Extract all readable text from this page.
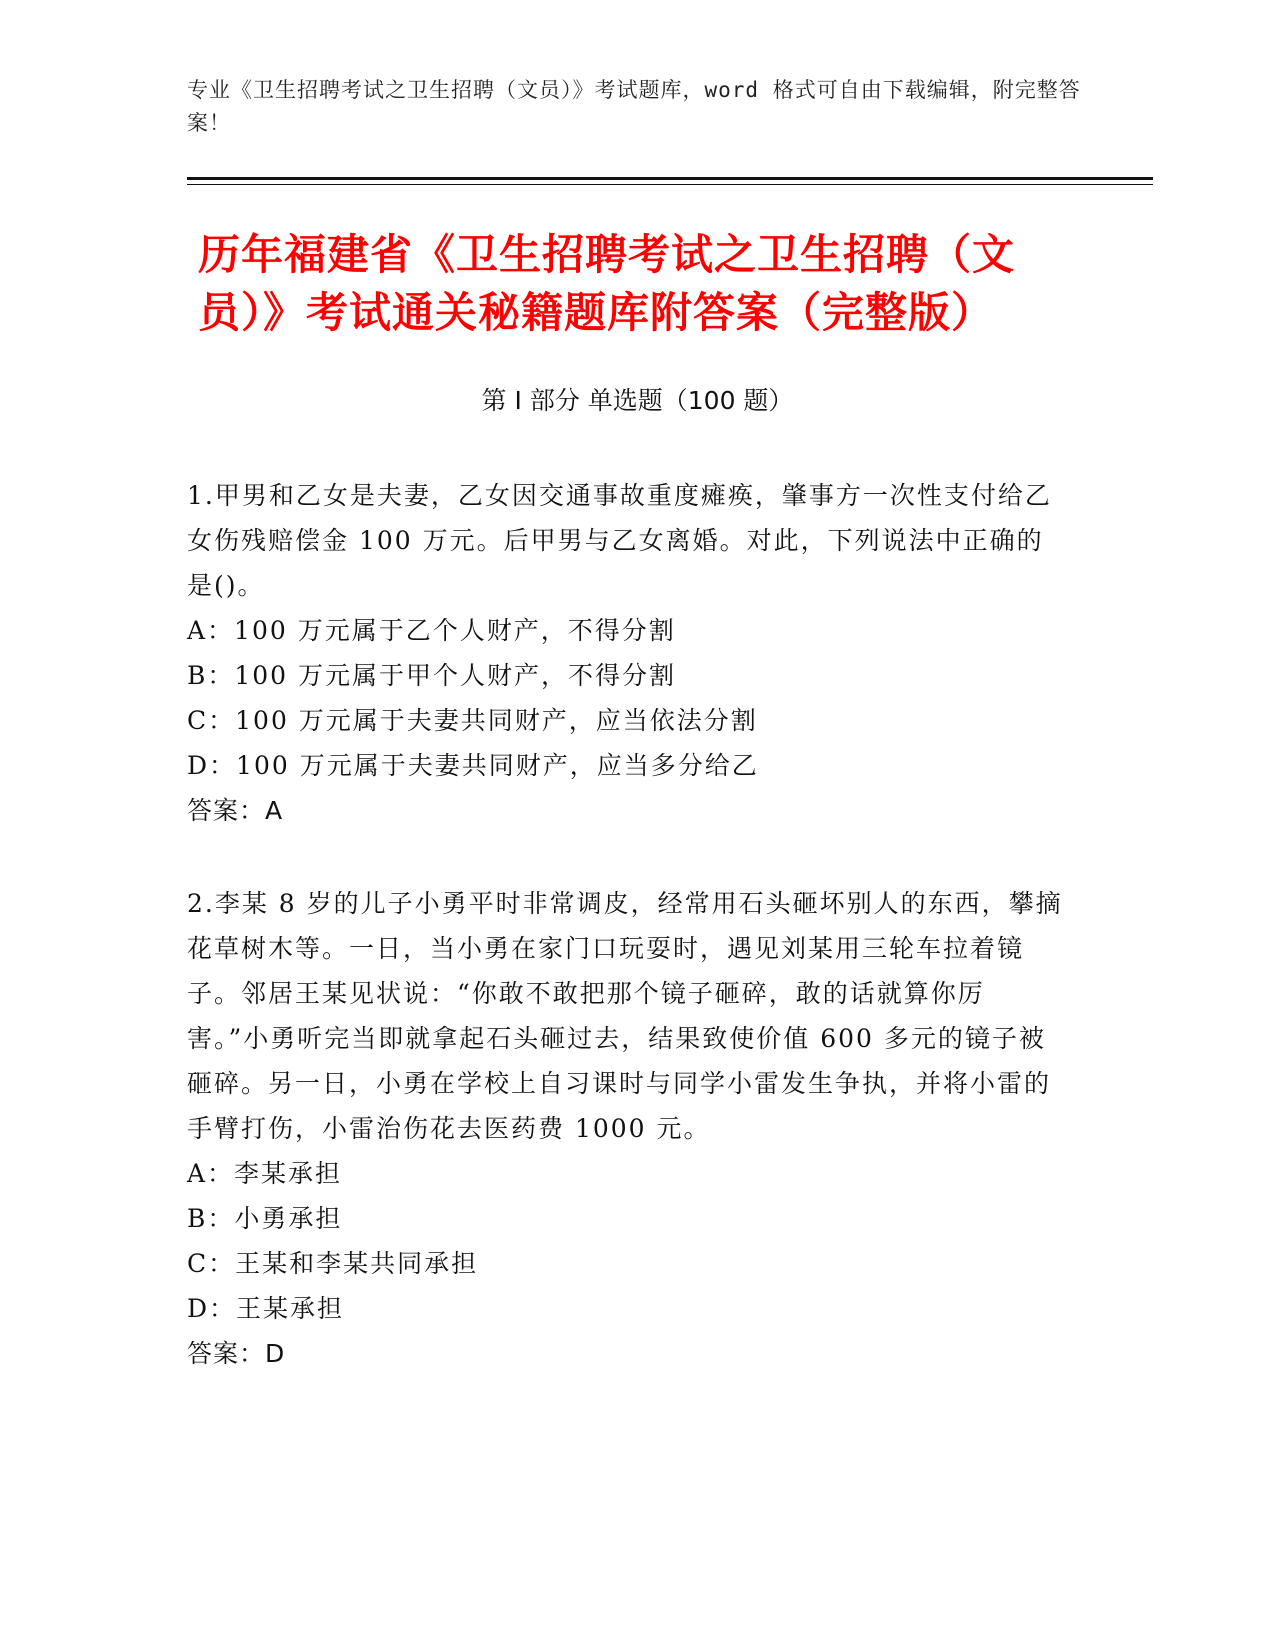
专业《卫生招聘考试之卫生招聘（文员）》考试题库，word 格式可自由下载编辑，附完整答案！
历年福建省《卫生招聘考试之卫生招聘（文员）》考试通关秘籍题库附答案（完整版）
第 I 部分 单选题（100 题）

1.甲男和乙女是夫妻，乙女因交通事故重度瘫痪，肇事方一次性支付给乙女伤残赔偿金 100 万元。后甲男与乙女离婚。对此，下列说法中正确的是()。

A：100 万元属于乙个人财产，不得分割

B：100 万元属于甲个人财产，不得分割

C：100 万元属于夫妻共同财产，应当依法分割

D：100 万元属于夫妻共同财产，应当多分给乙

答案：A

2.李某 8 岁的儿子小勇平时非常调皮，经常用石头砸坏别人的东西，攀摘花草树木等。一日，当小勇在家门口玩耍时，遇见刘某用三轮车拉着镜子。邻居王某见状说：“你敢不敢把那个镜子砸碎，敢的话就算你厉害。”小勇听完当即就拿起石头砸过去，结果致使价值 600 多元的镜子被砸碎。另一日，小勇在学校上自习课时与同学小雷发生争执，并将小雷的手臂打伤，小雷治伤花去医药费 1000 元。

A：李某承担

B：小勇承担

C：王某和李某共同承担

D：王某承担

答案：D
